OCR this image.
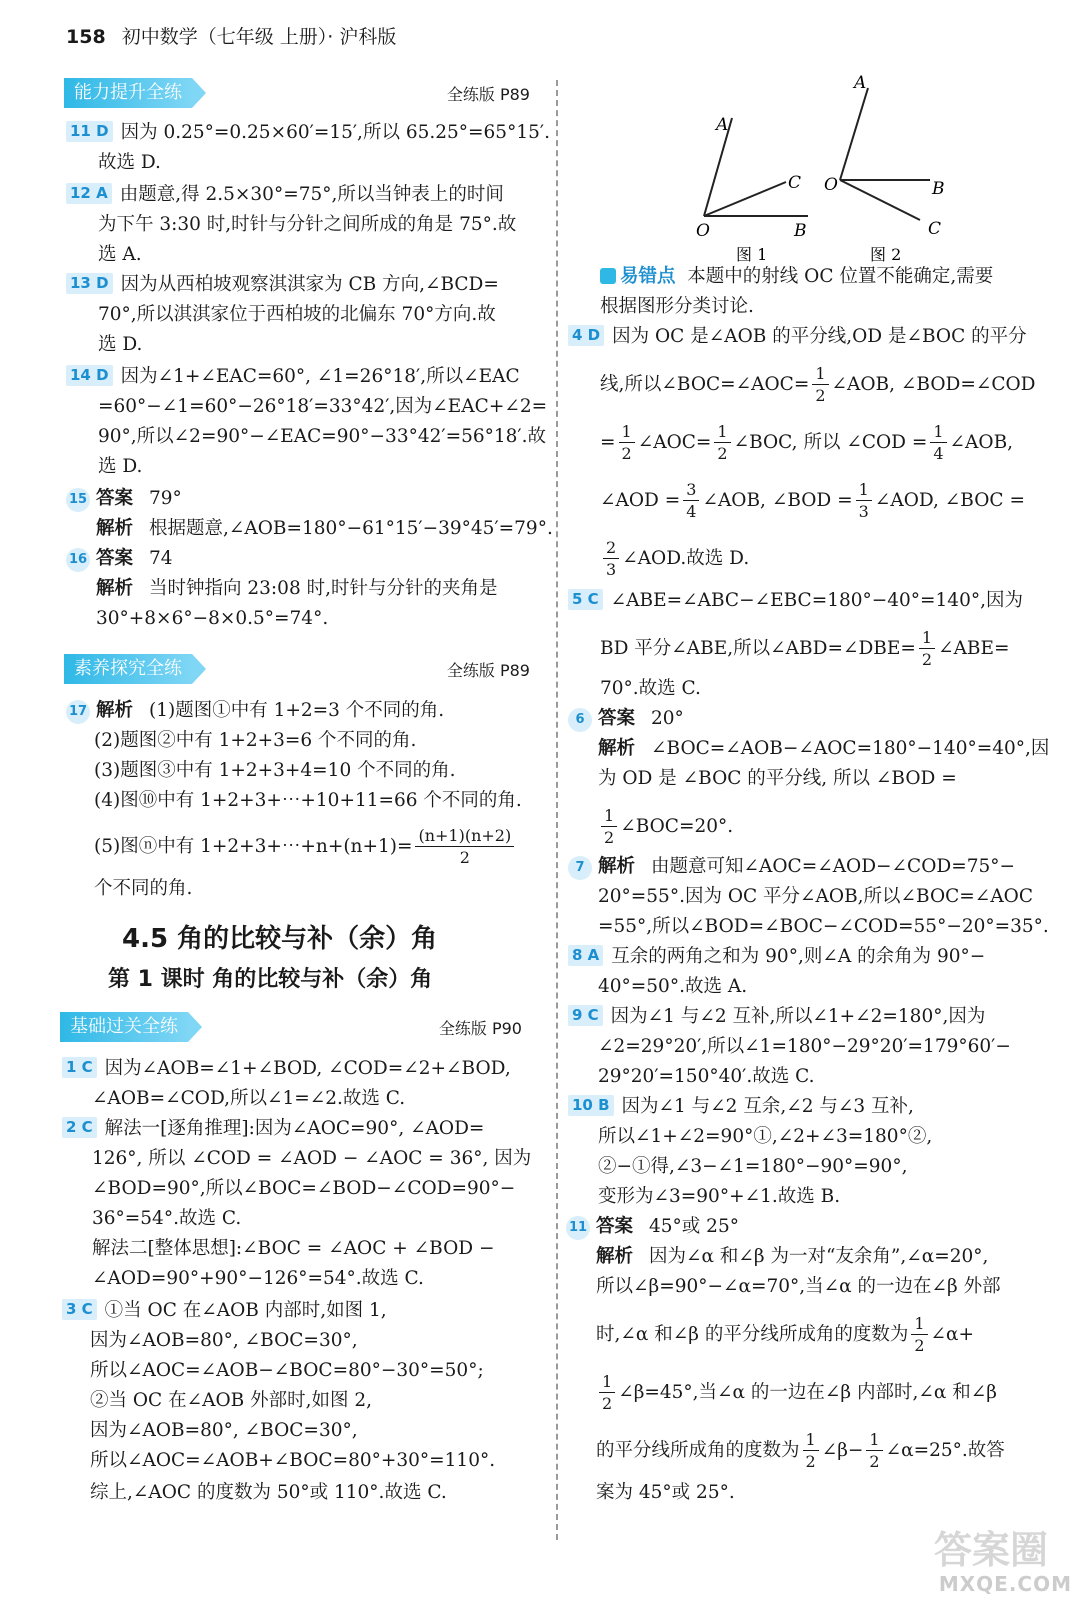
158 初中数学（七年级 上册）· 沪科版
能力提升全练	全练版 P89
11 D 因为 0.25°=0.25×60′=15′,所以 65.25°=65°15′.
故选 D.
12 A 由题意,得 2.5×30°=75°,所以当钟表上的时间
为下午 3:30 时,时针与分针之间所成的角是 75°.故
选 A.
13 D 因为从西柏坡观察淇淇家为 CB 方向,∠BCD=
70°,所以淇淇家位于西柏坡的北偏东 70°方向.故
选 D.
14 D 因为∠1+∠EAC=60°, ∠1=26°18′,所以∠EAC
=60°−∠1=60°−26°18′=33°42′,因为∠EAC+∠2=
90°,所以∠2=90°−∠EAC=90°−33°42′=56°18′.故
选 D.
15 答案 79°
解析 根据题意,∠AOB=180°−61°15′−39°45′=79°.
16 答案 74
解析 当时钟指向 23:08 时,时针与分针的夹角是
30°+8×6°−8×0.5°=74°.
素养探究全练	全练版 P89
17 解析 (1)题图①中有 1+2=3 个不同的角.
(2)题图②中有 1+2+3=6 个不同的角.
(3)题图③中有 1+2+3+4=10 个不同的角.
(4)图⑩中有 1+2+3+⋯+10+11=66 个不同的角.
(5)图ⓝ中有 1+2+3+⋯+n+(n+1)= $\frac{(n+1)(n+2)}{2}$
个不同的角.
4.5 角的比较与补（余）角
第 1 课时 角的比较与补（余）角
基础过关全练	全练版 P90
1 C 因为∠AOB=∠1+∠BOD, ∠COD=∠2+∠BOD,
∠AOB=∠COD,所以∠1=∠2.故选 C.
2 C 解法一[逐角推理]:因为∠AOC=90°, ∠AOD=
126°, 所以 ∠COD = ∠AOD − ∠AOC = 36°, 因为
∠BOD=90°,所以∠BOC=∠BOD−∠COD=90°−
36°=54°.故选 C.
解法二[整体思想]:∠BOC = ∠AOC + ∠BOD −
∠AOD=90°+90°−126°=54°.故选 C.
3 C ①当 OC 在∠AOB 内部时,如图 1,
因为∠AOB=80°, ∠BOC=30°,
所以∠AOC=∠AOB−∠BOC=80°−30°=50°;
②当 OC 在∠AOB 外部时,如图 2,
因为∠AOB=80°, ∠BOC=30°,
所以∠AOC=∠AOB+∠BOC=80°+30°=110°.
综上,∠AOC 的度数为 50°或 110°.故选 C.
A
C
O	B
图 1
A
O	B
C
图 2
易错点 本题中的射线 OC 位置不能确定,需要
根据图形分类讨论.
4 D 因为 OC 是∠AOB 的平分线,OD 是∠BOC 的平分
线,所以∠BOC=∠AOC= $\frac{1}{2}$ ∠AOB, ∠BOD=∠COD
= $\frac{1}{2}$ ∠AOC= $\frac{1}{2}$ ∠BOC, 所以 ∠COD = $\frac{1}{4}$ ∠AOB,
∠AOD = $\frac{3}{4}$ ∠AOB, ∠BOD = $\frac{1}{3}$ ∠AOD, ∠BOC =
$\frac{2}{3}$ ∠AOD.故选 D.
5 C ∠ABE=∠ABC−∠EBC=180°−40°=140°,因为
BD 平分∠ABE,所以∠ABD=∠DBE= $\frac{1}{2}$ ∠ABE=
70°.故选 C.
6 答案 20°
解析 ∠BOC=∠AOB−∠AOC=180°−140°=40°,因
为 OD 是 ∠BOC 的平分线, 所以 ∠BOD =
$\frac{1}{2}$ ∠BOC=20°.
7 解析 由题意可知∠AOC=∠AOD−∠COD=75°−
20°=55°.因为 OC 平分∠AOB,所以∠BOC=∠AOC
=55°,所以∠BOD=∠BOC−∠COD=55°−20°=35°.
8 A 互余的两角之和为 90°,则∠A 的余角为 90°−
40°=50°.故选 A.
9 C 因为∠1 与∠2 互补,所以∠1+∠2=180°,因为
∠2=29°20′,所以∠1=180°−29°20′=179°60′−
29°20′=150°40′.故选 C.
10 B 因为∠1 与∠2 互余,∠2 与∠3 互补,
所以∠1+∠2=90°①,∠2+∠3=180°②,
②−①得,∠3−∠1=180°−90°=90°,
变形为∠3=90°+∠1.故选 B.
11 答案 45°或 25°
解析 因为∠α 和∠β 为一对“友余角”,∠α=20°,
所以∠β=90°−∠α=70°,当∠α 的一边在∠β 外部
时,∠α 和∠β 的平分线所成角的度数为 $\frac{1}{2}$ ∠α+
$\frac{1}{2}$ ∠β=45°,当∠α 的一边在∠β 内部时,∠α 和∠β
的平分线所成角的度数为 $\frac{1}{2}$ ∠β− $\frac{1}{2}$ ∠α=25°.故答
案为 45°或 25°.
答案圈
MXQE.COM
